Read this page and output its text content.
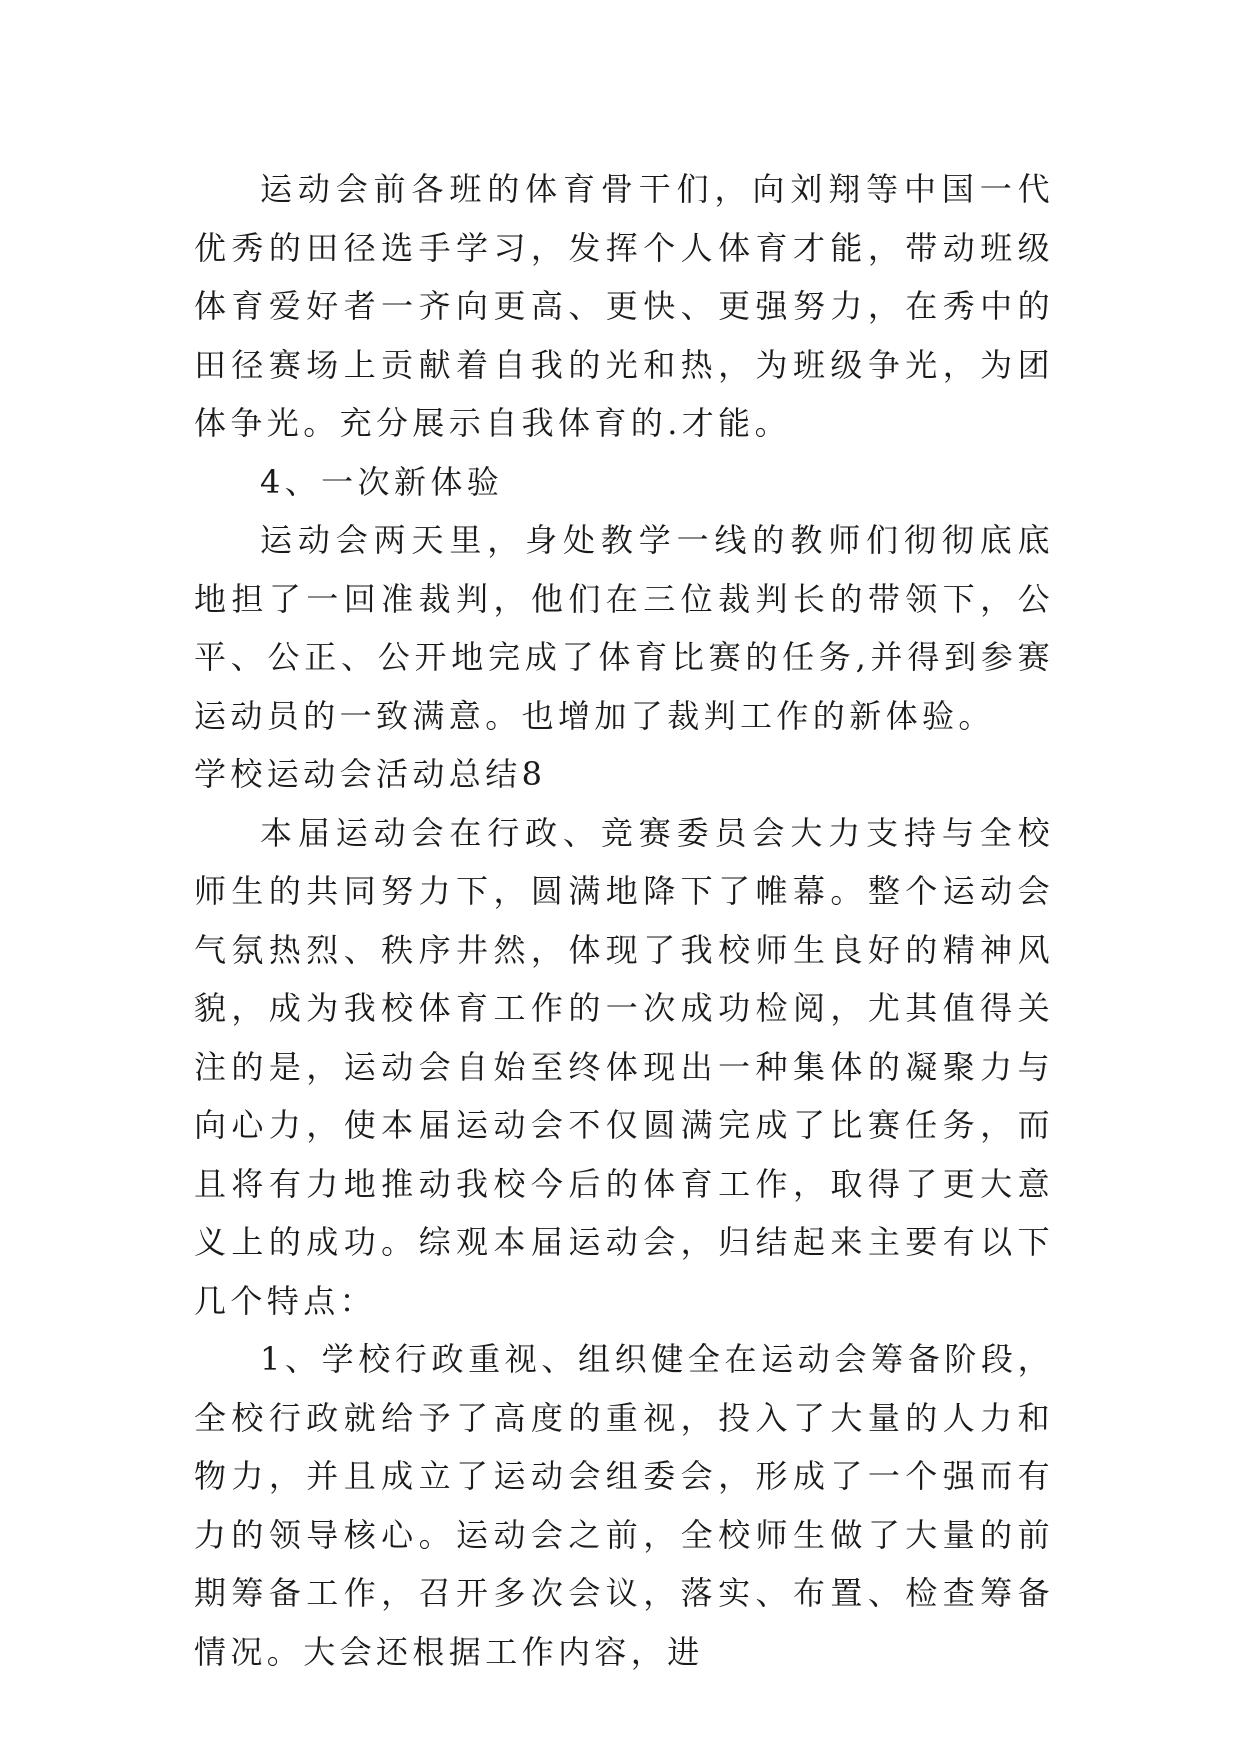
运动会前各班的体育骨干们，向刘翔等中国一代优秀的田径选手学习，发挥个人体育才能，带动班级体育爱好者一齐向更高、更快、更强努力，在秀中的田径赛场上贡献着自我的光和热，为班级争光，为团体争光。充分展示自我体育的.才能。

4、一次新体验

运动会两天里，身处教学一线的教师们彻彻底底地担了一回准裁判，他们在三位裁判长的带领下，公平、公正、公开地完成了体育比赛的任务,并得到参赛运动员的一致满意。也增加了裁判工作的新体验。

学校运动会活动总结8

本届运动会在行政、竞赛委员会大力支持与全校师生的共同努力下，圆满地降下了帷幕。整个运动会气氛热烈、秩序井然，体现了我校师生良好的精神风貌，成为我校体育工作的一次成功检阅，尤其值得关注的是，运动会自始至终体现出一种集体的凝聚力与向心力，使本届运动会不仅圆满完成了比赛任务，而且将有力地推动我校今后的体育工作，取得了更大意义上的成功。综观本届运动会，归结起来主要有以下几个特点：

1、学校行政重视、组织健全在运动会筹备阶段，全校行政就给予了高度的重视，投入了大量的人力和物力，并且成立了运动会组委会，形成了一个强而有力的领导核心。运动会之前，全校师生做了大量的前期筹备工作，召开多次会议，落实、布置、检查筹备情况。大会还根据工作内容，进
